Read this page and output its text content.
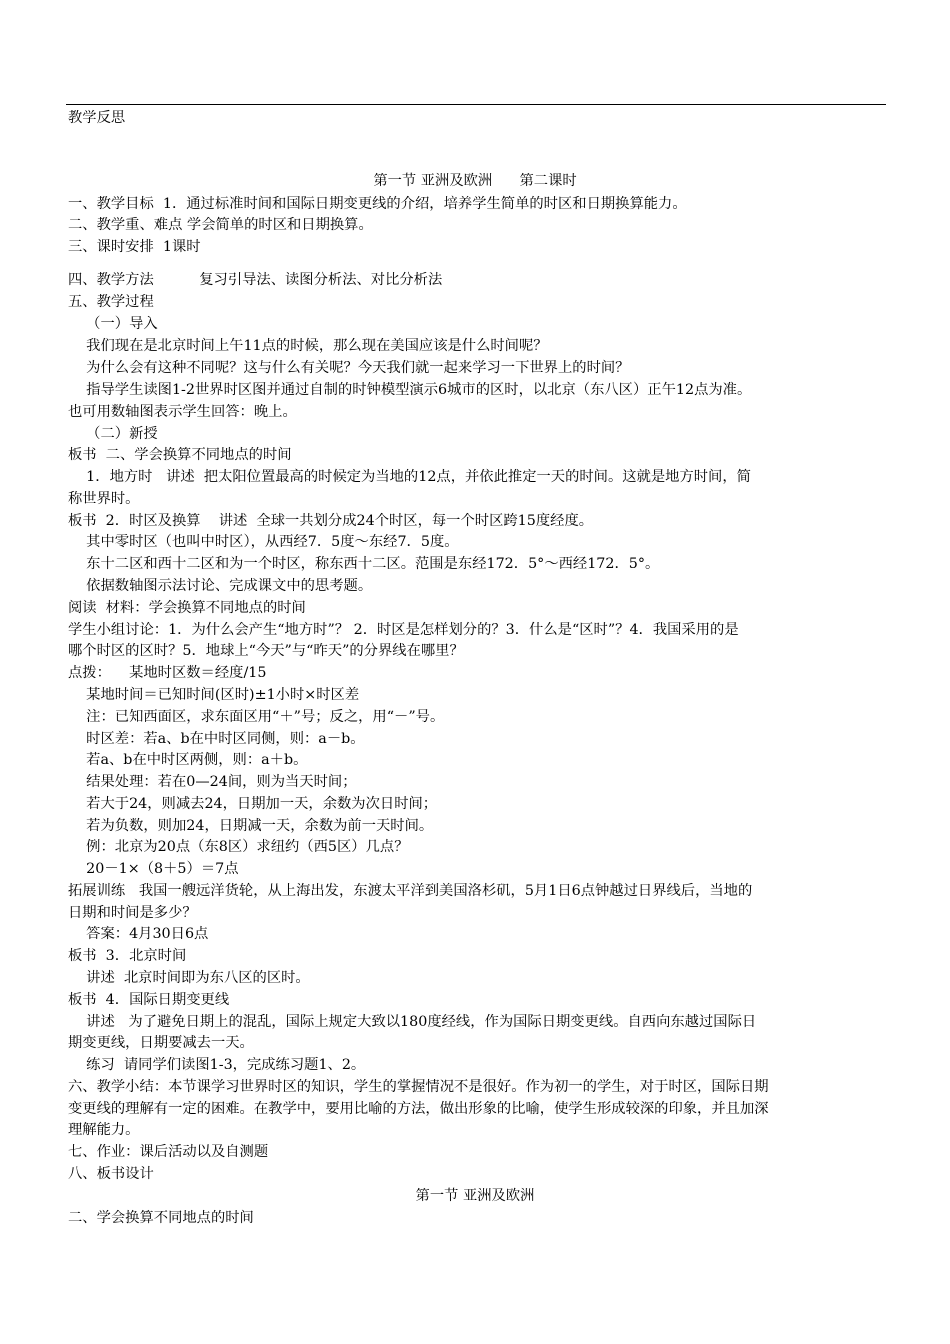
教学反思
第一节 亚洲及欧洲      第二课时
一、教学目标  1．通过标准时间和国际日期变更线的介绍，培养学生简单的时区和日期换算能力。
二、教学重、难点 学会简单的时区和日期换算。
三、课时安排  1课时
四、教学方法          复习引导法、读图分析法、对比分析法
五、教学过程
（一）导入
我们现在是北京时间上午11点的时候，那么现在美国应该是什么时间呢？
为什么会有这种不同呢？这与什么有关呢？今天我们就一起来学习一下世界上的时间？
指导学生读图1-2世界时区图并通过自制的时钟模型演示6城市的区时，以北京（东八区）正午12点为准。
也可用数轴图表示学生回答：晚上。
（二）新授
板书  二、学会换算不同地点的时间
1．地方时   讲述  把太阳位置最高的时候定为当地的12点，并依此推定一天的时间。这就是地方时间，简
称世界时。
板书  2．时区及换算    讲述  全球一共划分成24个时区，每一个时区跨15度经度。
其中零时区（也叫中时区），从西经7．5度～东经7．5度。
东十二区和西十二区和为一个时区，称东西十二区。范围是东经172．5°～西经172．5°。
依据数轴图示法讨论、完成课文中的思考题。
阅读  材料：学会换算不同地点的时间
学生小组讨论：1．为什么会产生“地方时”？ 2．时区是怎样划分的？3．什么是“区时”？4．我国采用的是
哪个时区的区时？5．地球上“今天”与“昨天”的分界线在哪里？
点拨：    某地时区数＝经度/15
某地时间＝已知时间(区时)±1小时×时区差
注：已知西面区，求东面区用“＋”号；反之，用“－”号。
时区差：若a、b在中时区同侧，则：a－b。
若a、b在中时区两侧，则：a＋b。
结果处理：若在0—24间，则为当天时间；
若大于24，则减去24，日期加一天，余数为次日时间；
若为负数，则加24，日期减一天，余数为前一天时间。
例：北京为20点（东8区）求纽约（西5区）几点？
20－1×（8＋5）＝7点
拓展训练   我国一艘远洋货轮，从上海出发，东渡太平洋到美国洛杉矶，5月1日6点钟越过日界线后，当地的
日期和时间是多少？
答案：4月30日6点
板书  3．北京时间
讲述  北京时间即为东八区的区时。
板书  4．国际日期变更线
讲述   为了避免日期上的混乱，国际上规定大致以180度经线，作为国际日期变更线。自西向东越过国际日
期变更线，日期要减去一天。
练习  请同学们读图1-3，完成练习题1、2。
六、教学小结：本节课学习世界时区的知识，学生的掌握情况不是很好。作为初一的学生，对于时区，国际日期
变更线的理解有一定的困难。在教学中，要用比喻的方法，做出形象的比喻，使学生形成较深的印象，并且加深
理解能力。
七、作业：课后活动以及自测题
八、板书设计
第一节 亚洲及欧洲
二、学会换算不同地点的时间
